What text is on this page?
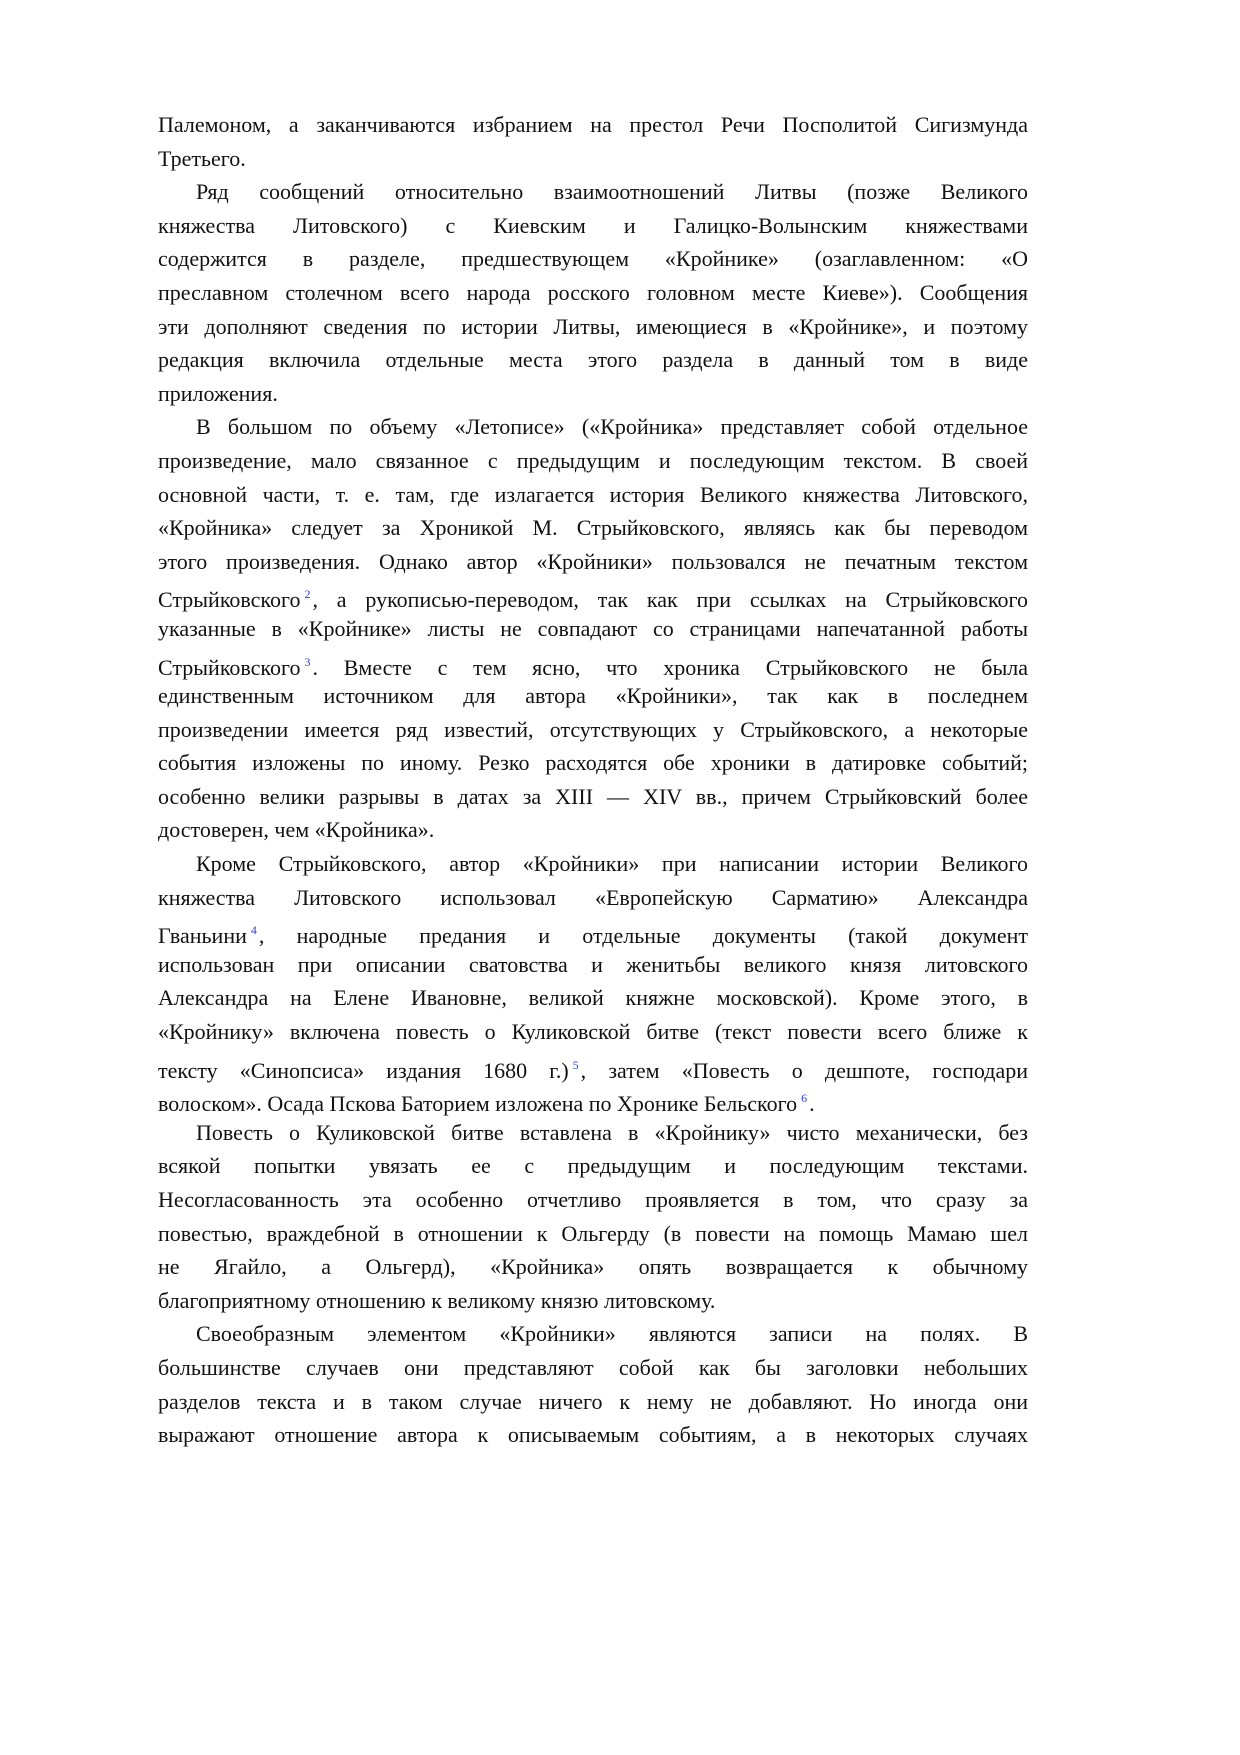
Палемоном, а заканчиваются избранием на престол Речи Посполитой Сигизмунда
Третьего.
Ряд сообщений относительно взаимоотношений Литвы (позже Великого
княжества Литовского) с Киевским и Галицко-Волынским княжествами
содержится в разделе, предшествующем «Кройнике» (озаглавленном: «О
преславном столечном всего народа росского головном месте Киеве»). Сообщения
эти дополняют сведения по истории Литвы, имеющиеся в «Кройнике», и поэтому
редакция включила отдельные места этого раздела в данный том в виде
приложения.
В большом по объему «Летописе» («Кройника» представляет собой отдельное
произведение, мало связанное с предыдущим и последующим текстом. В своей
основной части, т. е. там, где излагается история Великого княжества Литовского,
«Кройника» следует за Хроникой М. Стрыйковского, являясь как бы переводом
этого произведения. Однако автор «Кройники» пользовался не печатным текстом
Стрыйковского $^2$, а рукописью-переводом, так как при ссылках на Стрыйковского
указанные в «Кройнике» листы не совпадают со страницами напечатанной работы
Стрыйковского $^3$. Вместе с тем ясно, что хроника Стрыйковского не была
единственным источником для автора «Кройники», так как в последнем
произведении имеется ряд известий, отсутствующих у Стрыйковского, а некоторые
события изложены по иному. Резко расходятся обе хроники в датировке событий;
особенно велики разрывы в датах за XIII — XIV вв., причем Стрыйковский более
достоверен, чем «Кройника».
Кроме Стрыйковского, автор «Кройники» при написании истории Великого
княжества Литовского использовал «Европейскую Сарматию» Александра
Гваньини $^4$, народные предания и отдельные документы (такой документ
использован при описании сватовства и женитьбы великого князя литовского
Александра на Елене Ивановне, великой княжне московской). Кроме этого, в
«Кройнику» включена повесть о Куликовской битве (текст повести всего ближе к
тексту «Синопсиса» издания 1680 г.) $^5$, затем «Повесть о дешпоте, господари
волоском». Осада Пскова Баторием изложена по Хронике Бельского $^6$.
Повесть о Куликовской битве вставлена в «Кройнику» чисто механически, без
всякой попытки увязать ее с предыдущим и последующим текстами.
Несогласованность эта особенно отчетливо проявляется в том, что сразу за
повестью, враждебной в отношении к Ольгерду (в повести на помощь Мамаю шел
не Ягайло, а Ольгерд), «Кройника» опять возвращается к обычному
благоприятному отношению к великому князю литовскому.
Своеобразным элементом «Кройники» являются записи на полях. В
большинстве случаев они представляют собой как бы заголовки небольших
разделов текста и в таком случае ничего к нему не добавляют. Но иногда они
выражают отношение автора к описываемым событиям, а в некоторых случаях
